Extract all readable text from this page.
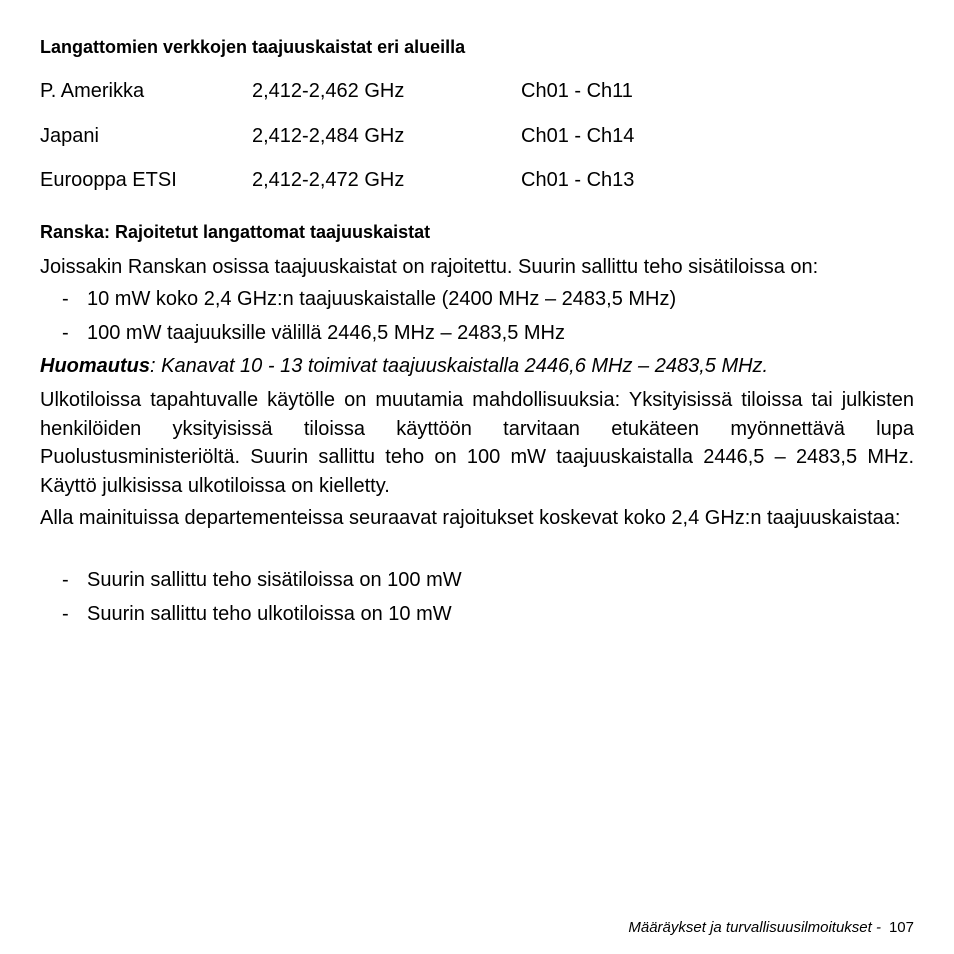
Langattomien verkkojen taajuuskaistat eri alueilla
P. Amerikka	2,412-2,462 GHz	Ch01 - Ch11
Japani	2,412-2,484 GHz	Ch01 - Ch14
Eurooppa ETSI	2,412-2,472 GHz	Ch01 - Ch13
Ranska: Rajoitetut langattomat taajuuskaistat
Joissakin Ranskan osissa taajuuskaistat on rajoitettu. Suurin sallittu teho sisätiloissa on:
- 10 mW koko 2,4 GHz:n taajuuskaistalle (2400 MHz – 2483,5 MHz)
- 100 mW taajuuksille välillä 2446,5 MHz – 2483,5 MHz
Huomautus: Kanavat 10 - 13 toimivat taajuuskaistalla 2446,6 MHz – 2483,5 MHz.
Ulkotiloissa tapahtuvalle käytölle on muutamia mahdollisuuksia: Yksityisissä tiloissa tai julkisten henkilöiden yksityisissä tiloissa käyttöön tarvitaan etukäteen myönnettävä lupa Puolustusministeriöltä. Suurin sallittu teho on 100 mW taajuuskaistalla 2446,5 – 2483,5 MHz. Käyttö julkisissa ulkotiloissa on kielletty.
Alla mainituissa departementeissa seuraavat rajoitukset koskevat koko 2,4 GHz:n taajuuskaistaa:
- Suurin sallittu teho sisätiloissa on 100 mW
- Suurin sallittu teho ulkotiloissa on 10 mW
Määräykset ja turvallisuusilmoitukset - 107
